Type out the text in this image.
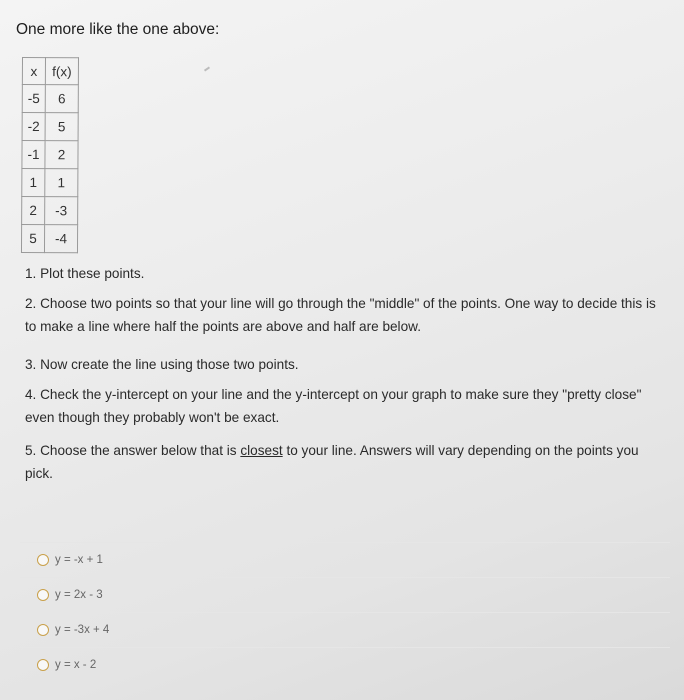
One more like the one above:
x	f(x)
-5	6
-2	5
-1	2
1	1
2	-3
5	-4

1. Plot these points.

2. Choose two points so that your line will go through the "middle" of the points. One way to decide this is to make a line where half the points are above and half are below.

3. Now create the line using those two points.

4. Check the y-intercept on your line and the y-intercept on your graph to make sure they "pretty close" even though they probably won't be exact.

5. Choose the answer below that is closest to your line. Answers will vary depending on the points you pick.

y = -x + 1
y = 2x - 3
y = -3x + 4
y = x - 2
